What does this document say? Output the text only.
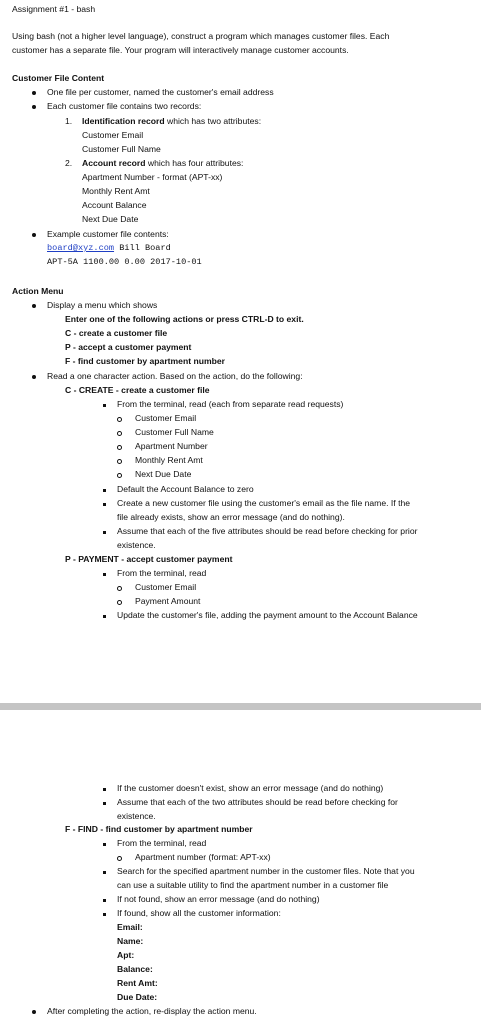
Assignment #1 - bash
Using bash (not a higher level language), construct a program which manages customer files. Each
customer has a separate file. Your program will interactively manage customer accounts.
Customer File Content
One file per customer, named the customer's email address
Each customer file contains two records:
1. Identification record which has two attributes:
Customer Email
Customer Full Name
2. Account record which has four attributes:
Apartment Number - format (APT-xx)
Monthly Rent Amt
Account Balance
Next Due Date
Example customer file contents:
board@xyz.com Bill Board
APT-5A 1100.00 0.00 2017-10-01
Action Menu
Display a menu which shows
Enter one of the following actions or press CTRL-D to exit.
C - create a customer file
P - accept a customer payment
F - find customer by apartment number
Read a one character action. Based on the action, do the following:
C - CREATE - create a customer file
From the terminal, read (each from separate read requests)
Customer Email
Customer Full Name
Apartment Number
Monthly Rent Amt
Next Due Date
Default the Account Balance to zero
Create a new customer file using the customer's email as the file name. If the
file already exists, show an error message (and do nothing).
Assume that each of the five attributes should be read before checking for prior
existence.
P - PAYMENT - accept customer payment
From the terminal, read
Customer Email
Payment Amount
Update the customer's file, adding the payment amount to the Account Balance
If the customer doesn't exist, show an error message (and do nothing)
Assume that each of the two attributes should be read before checking for
existence.
F - FIND - find customer by apartment number
From the terminal, read
Apartment number (format: APT-xx)
Search for the specified apartment number in the customer files. Note that you
can use a suitable utility to find the apartment number in a customer file
If not found, show an error message (and do nothing)
If found, show all the customer information:
Email:
Name:
Apt:
Balance:
Rent Amt:
Due Date:
After completing the action, re-display the action menu.
